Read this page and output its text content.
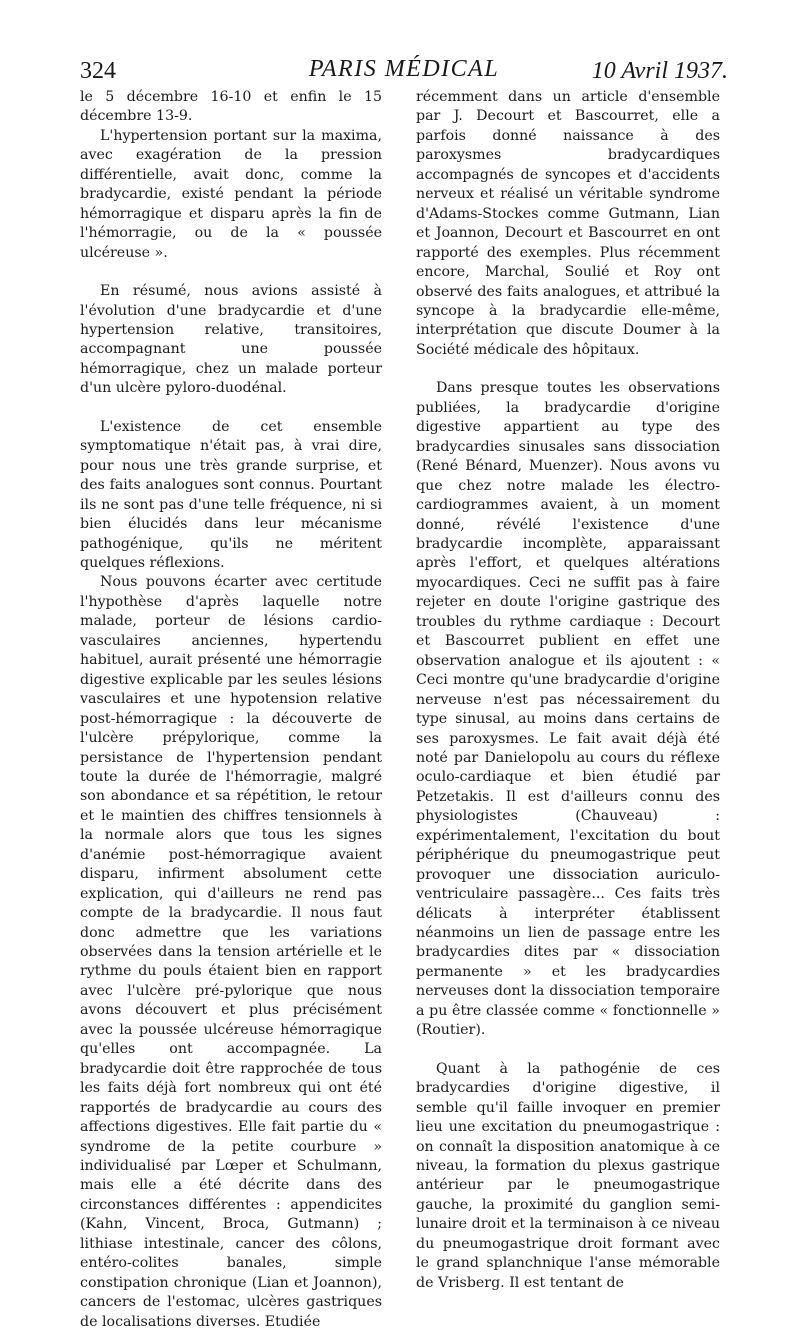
324	PARIS MÉDICAL	10 Avril 1937.

le 5 décembre 16-10 et enfin le 15 décembre 13-9.

L'hypertension portant sur la maxima, avec exagération de la pression différentielle, avait donc, comme la bradycardie, existé pendant la période hémorragique et disparu après la fin de l'hémorragie, ou de la « poussée ulcéreuse ».

En résumé, nous avions assisté à l'évolution d'une bradycardie et d'une hypertension relative, transitoires, accompagnant une poussée hémorragique, chez un malade porteur d'un ulcère pyloro-duodénal.

L'existence de cet ensemble symptomatique n'était pas, à vrai dire, pour nous une très grande surprise, et des faits analogues sont connus. Pourtant ils ne sont pas d'une telle fréquence, ni si bien élucidés dans leur mécanisme pathogénique, qu'ils ne méritent quelques réflexions.

Nous pouvons écarter avec certitude l'hypothèse d'après laquelle notre malade, porteur de lésions cardio-vasculaires anciennes, hypertendu habituel, aurait présenté une hémorragie digestive explicable par les seules lésions vasculaires et une hypotension relative post-hémorragique : la découverte de l'ulcère prépylorique, comme la persistance de l'hypertension pendant toute la durée de l'hémorragie, malgré son abondance et sa répétition, le retour et le maintien des chiffres tensionnels à la normale alors que tous les signes d'anémie post-hémorragique avaient disparu, infirment absolument cette explication, qui d'ailleurs ne rend pas compte de la bradycardie. Il nous faut donc admettre que les variations observées dans la tension artérielle et le rythme du pouls étaient bien en rapport avec l'ulcère pré-pylorique que nous avons découvert et plus précisément avec la poussée ulcéreuse hémorragique qu'elles ont accompagnée. La bradycardie doit être rapprochée de tous les faits déjà fort nombreux qui ont été rapportés de bradycardie au cours des affections digestives. Elle fait partie du « syndrome de la petite courbure » individualisé par Lœper et Schulmann, mais elle a été décrite dans des circonstances différentes : appendicites (Kahn, Vincent, Broca, Gutmann) ; lithiase intestinale, cancer des côlons, entéro-colites banales, simple constipation chronique (Lian et Joannon), cancers de l'estomac, ulcères gastriques de localisations diverses. Etudiée

récemment dans un article d'ensemble par J. Decourt et Bascourret, elle a parfois donné naissance à des paroxysmes bradycardiques accompagnés de syncopes et d'accidents nerveux et réalisé un véritable syndrome d'Adams-Stockes comme Gutmann, Lian et Joannon, Decourt et Bascourret en ont rapporté des exemples. Plus récemment encore, Marchal, Soulié et Roy ont observé des faits analogues, et attribué la syncope à la bradycardie elle-même, interprétation que discute Doumer à la Société médicale des hôpitaux.

Dans presque toutes les observations publiées, la bradycardie d'origine digestive appartient au type des bradycardies sinusales sans dissociation (René Bénard, Muenzer). Nous avons vu que chez notre malade les électro-cardiogrammes avaient, à un moment donné, révélé l'existence d'une bradycardie incomplète, apparaissant après l'effort, et quelques altérations myocardiques. Ceci ne suffit pas à faire rejeter en doute l'origine gastrique des troubles du rythme cardiaque : Decourt et Bascourret publient en effet une observation analogue et ils ajoutent : « Ceci montre qu'une bradycardie d'origine nerveuse n'est pas nécessairement du type sinusal, au moins dans certains de ses paroxysmes. Le fait avait déjà été noté par Danielopolu au cours du réflexe oculo-cardiaque et bien étudié par Petzetakis. Il est d'ailleurs connu des physiologistes (Chauveau) : expérimentalement, l'excitation du bout périphérique du pneumogastrique peut provoquer une dissociation auriculo-ventriculaire passagère... Ces faits très délicats à interpréter établissent néanmoins un lien de passage entre les bradycardies dites par « dissociation permanente » et les bradycardies nerveuses dont la dissociation temporaire a pu être classée comme « fonctionnelle » (Routier).

Quant à la pathogénie de ces bradycardies d'origine digestive, il semble qu'il faille invoquer en premier lieu une excitation du pneumogastrique : on connaît la disposition anatomique à ce niveau, la formation du plexus gastrique antérieur par le pneumogastrique gauche, la proximité du ganglion semi-lunaire droit et la terminaison à ce niveau du pneumogastrique droit formant avec le grand splanchnique l'anse mémorable de Vrisberg. Il est tentant de
